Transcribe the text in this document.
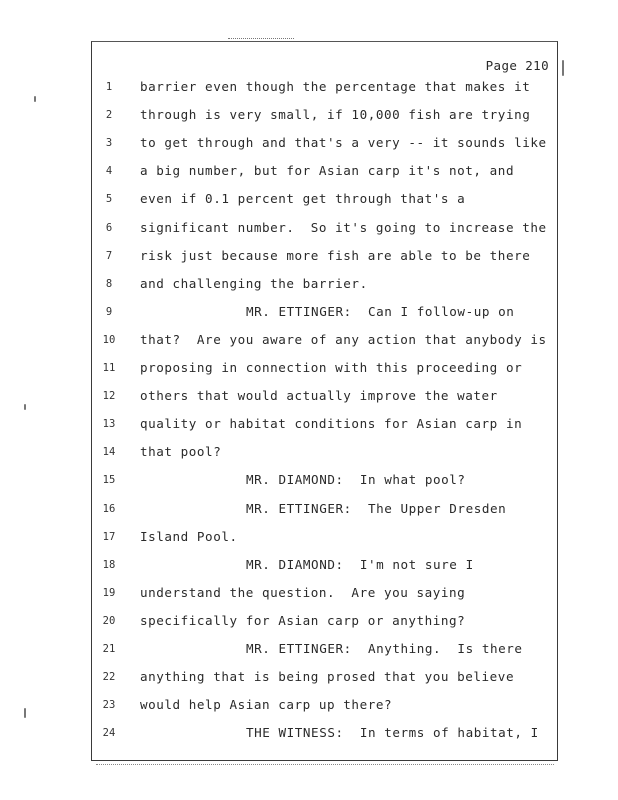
Page 210
1	barrier even though the percentage that makes it
2	through is very small, if 10,000 fish are trying
3	to get through and that's a very -- it sounds like
4	a big number, but for Asian carp it's not, and
5	even if 0.1 percent get through that's a
6	significant number.  So it's going to increase the
7	risk just because more fish are able to be there
8	and challenging the barrier.
9	MR. ETTINGER:  Can I follow-up on
10 that?  Are you aware of any action that anybody is
11 proposing in connection with this proceeding or
12 others that would actually improve the water
13 quality or habitat conditions for Asian carp in
14 that pool?
15	MR. DIAMOND:  In what pool?
16	MR. ETTINGER:  The Upper Dresden
17 Island Pool.
18	MR. DIAMOND:  I'm not sure I
19 understand the question.  Are you saying
20 specifically for Asian carp or anything?
21	MR. ETTINGER:  Anything.  Is there
22 anything that is being prosed that you believe
23 would help Asian carp up there?
24	THE WITNESS:  In terms of habitat, I
